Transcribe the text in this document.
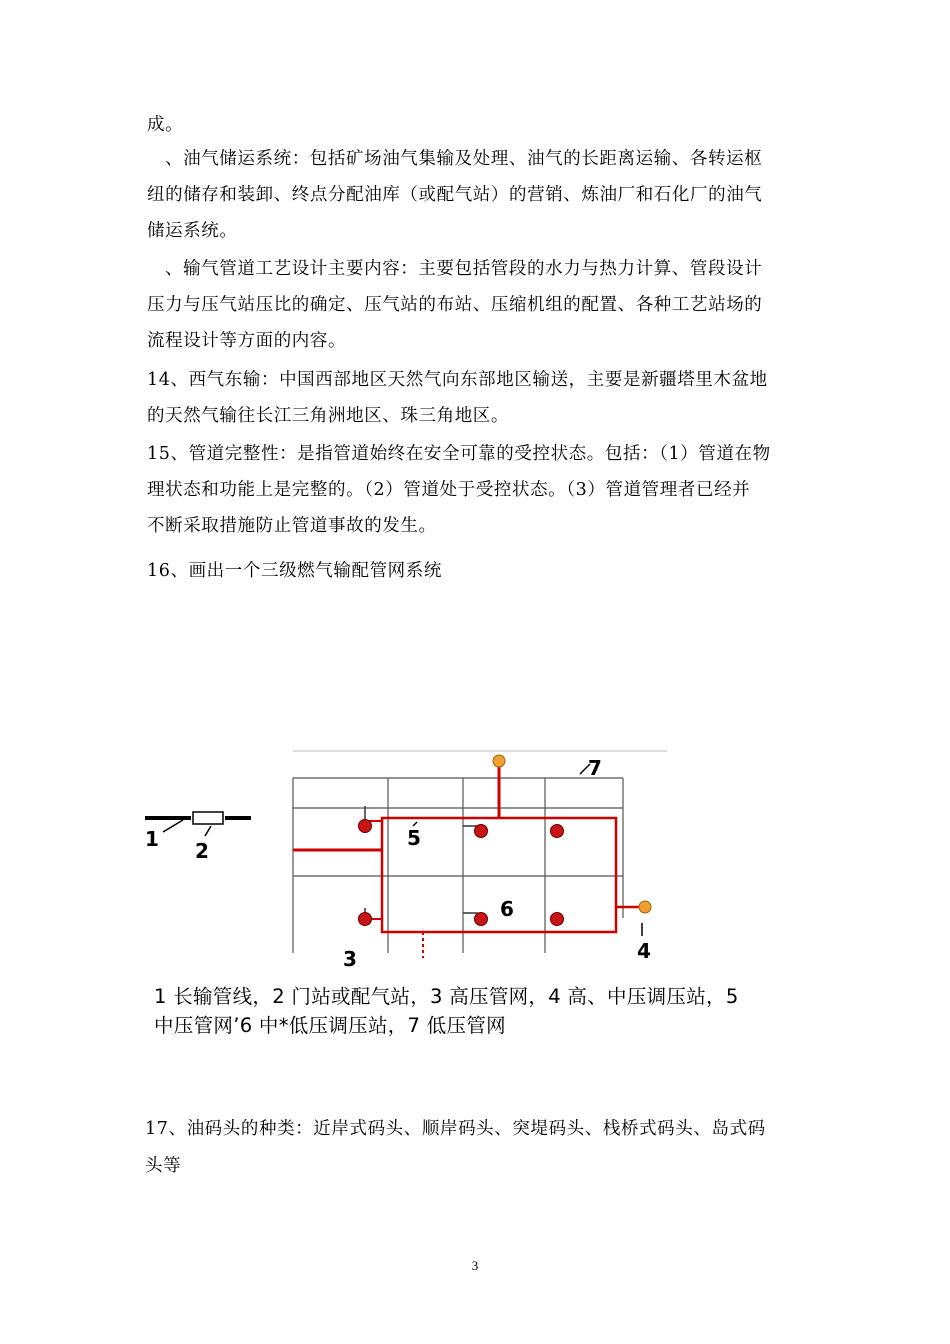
成。
、油气储运系统：包括矿场油气集输及处理、油气的长距离运输、各转运枢
纽的储存和装卸、终点分配油库（或配气站）的营销、炼油厂和石化厂的油气
储运系统。
、输气管道工艺设计主要内容：主要包括管段的水力与热力计算、管段设计
压力与压气站压比的确定、压气站的布站、压缩机组的配置、各种工艺站场的
流程设计等方面的内容。
14、西气东输：中国西部地区天然气向东部地区输送，主要是新疆塔里木盆地
的天然气输往长江三角洲地区、珠三角地区。
15、管道完整性：是指管道始终在安全可靠的受控状态。包括：（1）管道在物
理状态和功能上是完整的。（2）管道处于受控状态。（3）管道管理者已经并
不断采取措施防止管道事故的发生。
16、画出一个三级燃气输配管网系统
1 2
3	4
5
6
7
1 长输管线，2 门站或配气站，3 高压管网，4 高、中压调压站，5
中压管网’6 中*低压调压站，7 低压管网
17、油码头的种类：近岸式码头、顺岸码头、突堤码头、栈桥式码头、岛式码
头等
3
